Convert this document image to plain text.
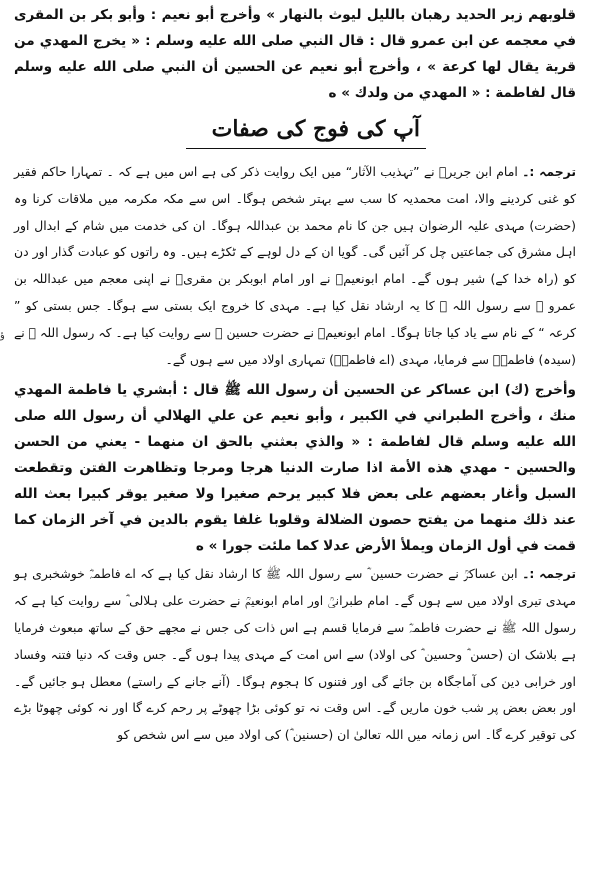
قلوبهم زبر الحديد رهبان بالليل ليوث بالنهار » وأخرج أبو نعيم : وأبو بكر بن المقرى في معجمه عن ابن عمرو قال : قال النبي صلى الله عليه وسلم : « يخرج المهدي من قرية يقال لها كرعة » ، وأخرج أبو نعيم عن الحسين أن النبي صلى الله عليه وسلم قال لفاطمة : « المهدي من ولدك » ه

آپ کی فوج کی صفات

ترجمہ :۔ امام ابن جریرؒ نے ”تہذیب الآثار“ میں ایک روایت ذکر کی ہے اس میں ہے کہ ۔ تمہارا حاکم فقیر کو غنی کردینے والا، امت محمدیہ کا سب سے بہتر شخص ہوگا۔ اس سے مکہ مکرمہ میں ملاقات کرنا وہ (حضرت) مہدی علیہ الرضوان ہیں جن کا نام محمد بن عبداللہ ہوگا۔ ان کی خدمت میں شام کے ابدال اور اہل مشرق کی جماعتیں چل کر آئیں گی۔ گویا ان کے دل لوہے کے ٹکڑے ہیں۔ وہ راتوں کو عبادت گذار اور دن کو (راہ خدا کے) شیر ہوں گے۔ امام ابونعیمؒ نے اور امام ابوبکر بن مقریؒ نے اپنی معجم میں عبداللہ بن عمرو ؓ سے رسول اللہ ﷺ کا یہ ارشاد نقل کیا ہے۔ مہدی کا خروج ایک بستی سے ہوگا۔ جس بستی کو ” کرعہ “ کے نام سے یاد کیا جاتا ہوگا۔ امام ابونعیمؒ نے حضرت حسین ؓ سے روایت کیا ہے۔ کہ رسول اللہ ﷺ نے (سیدہ) فاطمہؓ سے فرمایا، مہدی (اے فاطمہؓ) تمہاری اولاد میں سے ہوں گے۔

وأخرج (ك) ابن عساكر عن الحسين أن رسول الله ﷺ قال : أبشري يا فاطمة المهدي منك ، وأخرج الطبراني في الكبير ، وأبو نعيم عن علي الهلالي أن رسول الله صلى الله عليه وسلم قال لفاطمة : « والذي بعثني بالحق ان منهما - يعني من الحسن والحسين - مهدي هذه الأمة اذا صارت الدنيا هرجا ومرجا وتظاهرت الفتن وتقطعت السبل وأغار بعضهم على بعض فلا كبير يرحم صغيرا ولا صغير يوقر كبيرا بعث الله عند ذلك منهما من يفتح حصون الضلالة وقلوبا غلفا يقوم بالدين في آخر الزمان كما قمت في أول الزمان ويملأ الأرض عدلا كما ملئت جورا » ه

ترجمہ :۔ ابن عساکرؒ نے حضرت حسین ؓ سے رسول اللہ ﷺ کا ارشاد نقل کیا ہے کہ اے فاطمہؓ خوشخبری ہو مہدی تیری اولاد میں سے ہوں گے۔ امام طبرانیؒ اور امام ابونعیمؒ نے حضرت علی ہلالی ؓ سے روایت کیا ہے کہ رسول اللہ ﷺ نے حضرت فاطمہؓ سے فرمایا قسم ہے اس ذات کی جس نے مجھے حق کے ساتھ مبعوث فرمایا ہے بلاشک ان (حسن ؓ وحسین ؓ کی اولاد) سے اس امت کے مہدی پیدا ہوں گے۔ جس وقت کہ دنیا فتنہ وفساد اور خرابی دین کی آماجگاہ بن جائے گی اور فتنوں کا ہجوم ہوگا۔ (آنے جانے کے راستے) معطل ہو جائیں گے۔ اور بعض بعض پر شب خون ماریں گے۔ اس وقت نہ تو کوئی بڑا چھوٹے پر رحم کرے گا اور نہ کوئی چھوٹا بڑے کی توقیر کرے گا۔ اس زمانہ میں اللہ تعالیٰ ان (حسنین ؓ) کی اولاد میں سے اس شخص کو

ؤ
